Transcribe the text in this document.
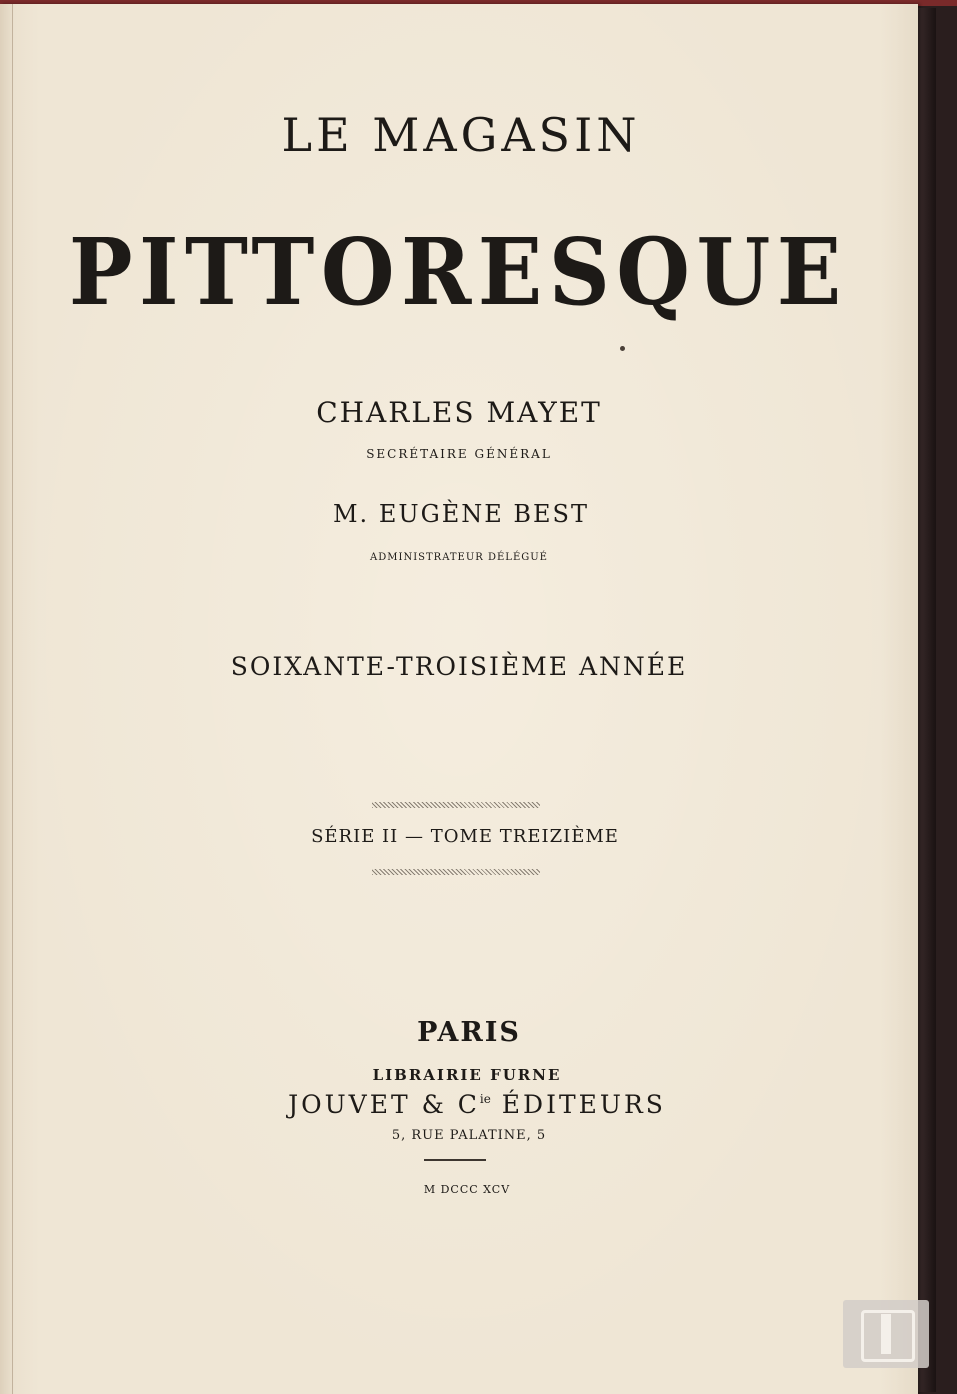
LE MAGASIN
PITTORESQUE
CHARLES MAYET
SECRÉTAIRE GÉNÉRAL
M. EUGÈNE BEST
ADMINISTRATEUR DÉLÉGUÉ
SOIXANTE-TROISIÈME ANNÉE
SÉRIE II — TOME TREIZIÈME
PARIS
LIBRAIRIE FURNE
JOUVET & $C^{ie}$ ÉDITEURS
5, RUE PALATINE, 5
M DCCC XCV
